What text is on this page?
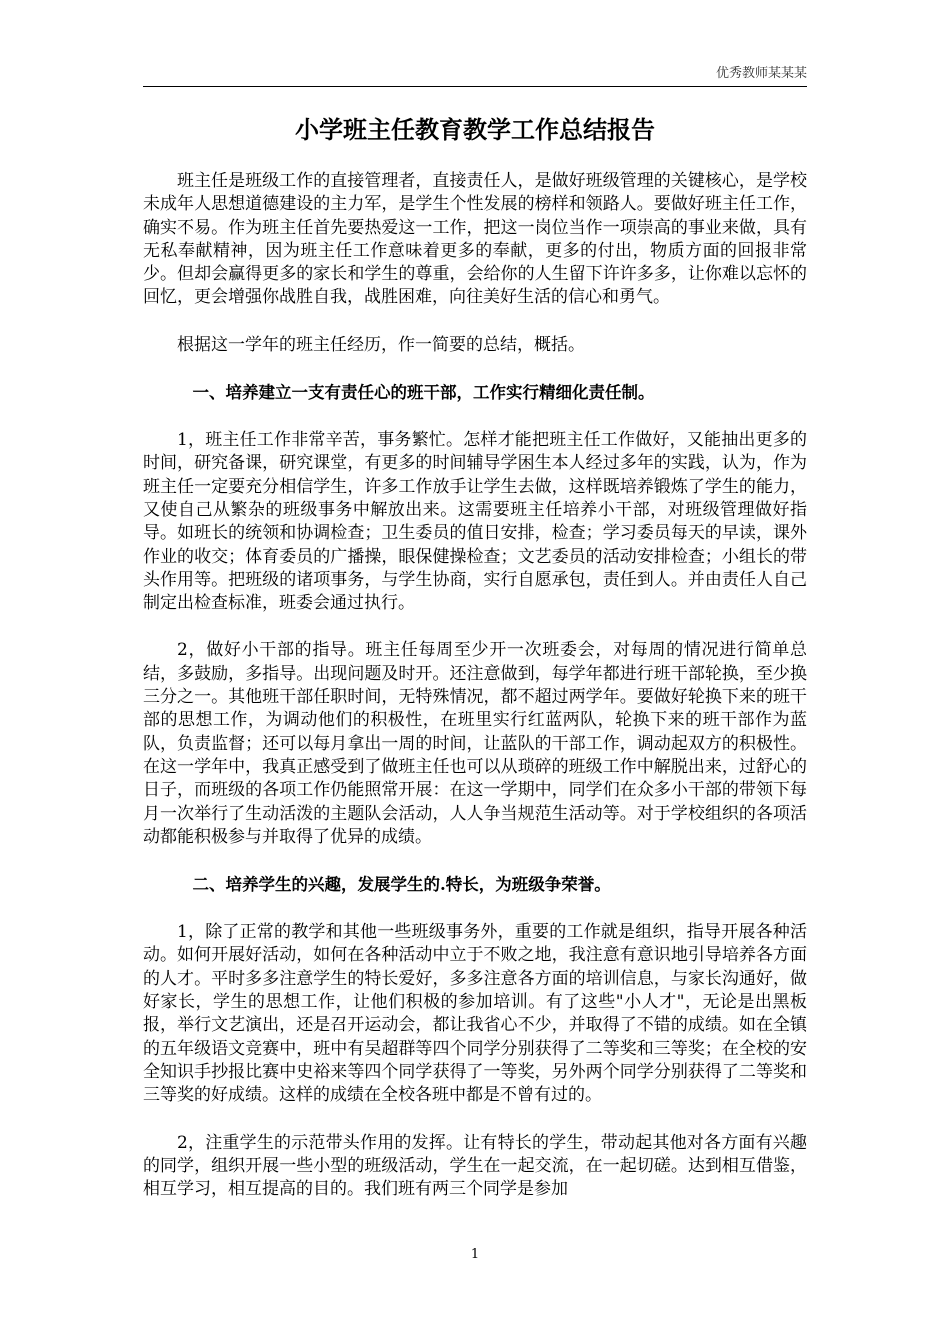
优秀教师某某某
小学班主任教育教学工作总结报告

班主任是班级工作的直接管理者，直接责任人，是做好班级管理的关键核心，是学校未成年人思想道德建设的主力军，是学生个性发展的榜样和领路人。要做好班主任工作，确实不易。作为班主任首先要热爱这一工作，把这一岗位当作一项崇高的事业来做，具有无私奉献精神，因为班主任工作意味着更多的奉献，更多的付出，物质方面的回报非常少。但却会赢得更多的家长和学生的尊重，会给你的人生留下许许多多，让你难以忘怀的回忆，更会增强你战胜自我，战胜困难，向往美好生活的信心和勇气。

根据这一学年的班主任经历，作一简要的总结，概括。

一、培养建立一支有责任心的班干部，工作实行精细化责任制。

1，班主任工作非常辛苦，事务繁忙。怎样才能把班主任工作做好，又能抽出更多的时间，研究备课，研究课堂，有更多的时间辅导学困生本人经过多年的实践，认为，作为班主任一定要充分相信学生，许多工作放手让学生去做，这样既培养锻炼了学生的能力，又使自己从繁杂的班级事务中解放出来。这需要班主任培养小干部，对班级管理做好指导。如班长的统领和协调检查；卫生委员的值日安排，检查；学习委员每天的早读，课外作业的收交；体育委员的广播操，眼保健操检查；文艺委员的活动安排检查；小组长的带头作用等。把班级的诸项事务，与学生协商，实行自愿承包，责任到人。并由责任人自己制定出检查标准，班委会通过执行。

2，做好小干部的指导。班主任每周至少开一次班委会，对每周的情况进行简单总结，多鼓励，多指导。出现问题及时开。还注意做到，每学年都进行班干部轮换，至少换三分之一。其他班干部任职时间，无特殊情况，都不超过两学年。要做好轮换下来的班干部的思想工作，为调动他们的积极性，在班里实行红蓝两队，轮换下来的班干部作为蓝队，负责监督；还可以每月拿出一周的时间，让蓝队的干部工作，调动起双方的积极性。在这一学年中，我真正感受到了做班主任也可以从琐碎的班级工作中解脱出来，过舒心的日子，而班级的各项工作仍能照常开展：在这一学期中，同学们在众多小干部的带领下每月一次举行了生动活泼的主题队会活动，人人争当规范生活动等。对于学校组织的各项活动都能积极参与并取得了优异的成绩。

二、培养学生的兴趣，发展学生的.特长，为班级争荣誉。

1，除了正常的教学和其他一些班级事务外，重要的工作就是组织，指导开展各种活动。如何开展好活动，如何在各种活动中立于不败之地，我注意有意识地引导培养各方面的人才。平时多多注意学生的特长爱好，多多注意各方面的培训信息，与家长沟通好，做好家长，学生的思想工作，让他们积极的参加培训。有了这些"小人才"，无论是出黑板报，举行文艺演出，还是召开运动会，都让我省心不少，并取得了不错的成绩。如在全镇的五年级语文竞赛中，班中有吴超群等四个同学分别获得了二等奖和三等奖；在全校的安全知识手抄报比赛中史裕来等四个同学获得了一等奖，另外两个同学分别获得了二等奖和三等奖的好成绩。这样的成绩在全校各班中都是不曾有过的。

2，注重学生的示范带头作用的发挥。让有特长的学生，带动起其他对各方面有兴趣的同学，组织开展一些小型的班级活动，学生在一起交流，在一起切磋。达到相互借鉴，相互学习，相互提高的目的。我们班有两三个同学是参加

1
